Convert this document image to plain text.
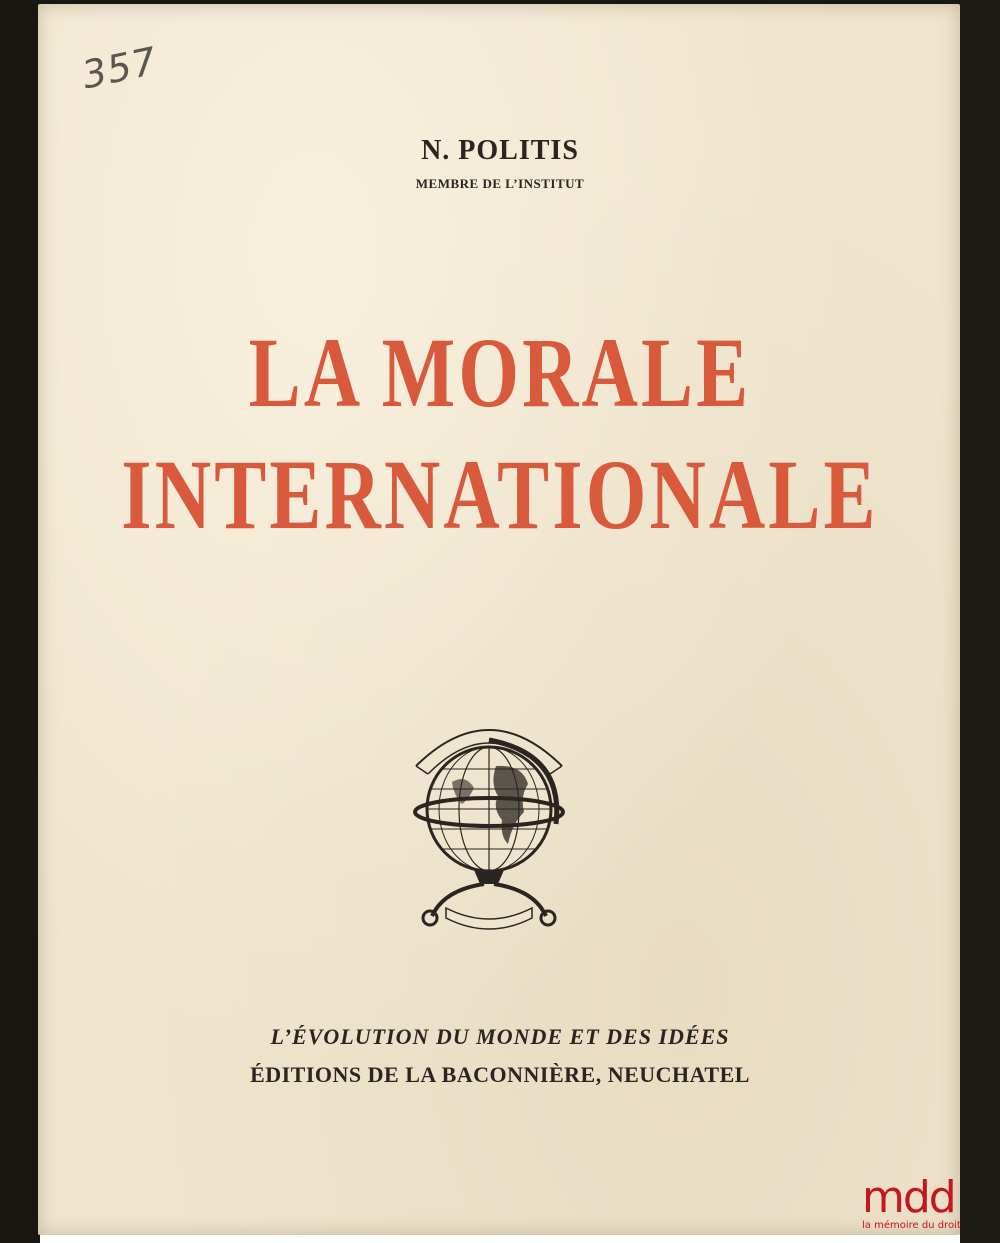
357
N. POLITIS
MEMBRE DE L’INSTITUT
LA MORALE
INTERNATIONALE
L’ÉVOLUTION DU MONDE ET DES IDÉES
ÉDITIONS DE LA BACONNIÈRE, NEUCHATEL
mdd
la mémoire du droit
